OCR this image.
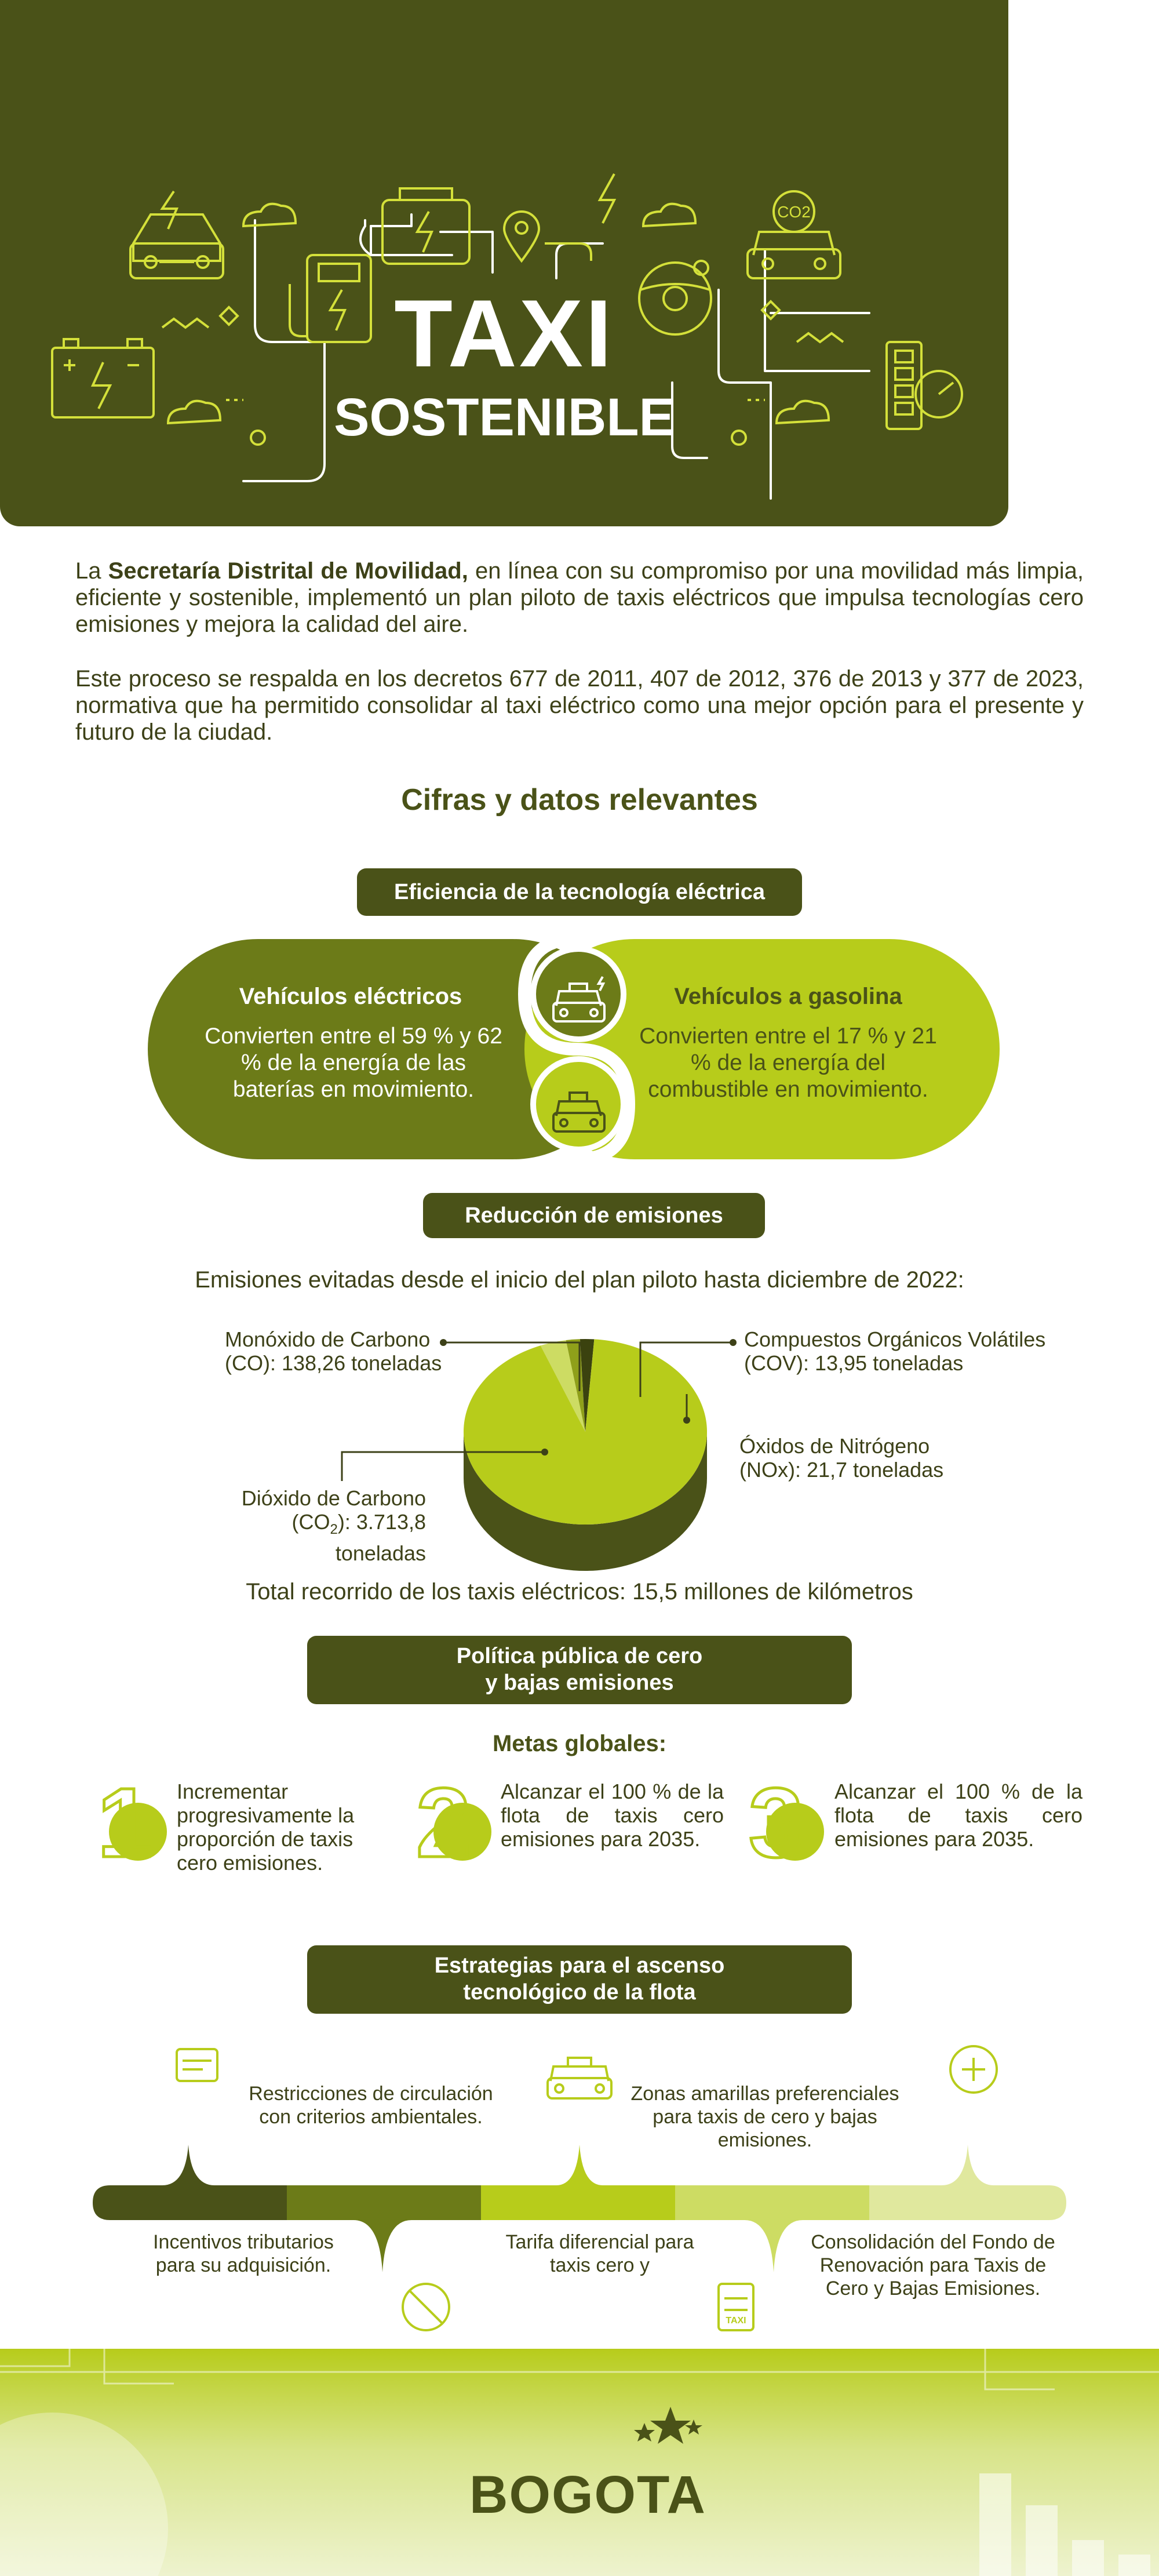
CO2
TAXI
SOSTENIBLE
La Secretaría Distrital de Movilidad, en línea con su compromiso por una movilidad más limpia, eficiente y sostenible, implementó un plan piloto de taxis eléctricos que impulsa tecnologías cero emisiones y mejora la calidad del aire.
Este proceso se respalda en los decretos 677 de 2011, 407 de 2012, 376 de 2013 y 377 de 2023, normativa que ha permitido consolidar al taxi eléctrico como una mejor opción para el presente y futuro de la ciudad.
Cifras y datos relevantes
Eficiencia de la tecnología eléctrica
Vehículos eléctricos
Convierten entre el 59 % y 62 % de la energía de las baterías en movimiento.
Vehículos a gasolina
Convierten entre el 17 % y 21 % de la energía del combustible en movimiento.
Reducción de emisiones
Emisiones evitadas desde el inicio del plan piloto hasta diciembre de 2022:
Monóxido de Carbono
(CO): 138,26 toneladas
Compuestos Orgánicos Volátiles
(COV): 13,95 toneladas
Óxidos de Nitrógeno
(NOx): 21,7 toneladas
Dióxido de Carbono
$(CO_2)$: 3.713,8 toneladas
Total recorrido de los taxis eléctricos: 15,5 millones de kilómetros
Política pública de cero
y bajas emisiones
Metas globales:
1 Incrementar progresivamente la proporción de taxis cero emisiones. 2 Alcanzar el 100 % de la flota de taxis cero emisiones para 2035. 3 Alcanzar el 100 % de la flota de taxis cero emisiones para 2035.
Estrategias para el ascenso
tecnológico de la flota
TAXI
Restricciones de circulación con criterios ambientales.
Zonas amarillas preferenciales para taxis de cero y bajas emisiones.
Incentivos tributarios para su adquisición.
Tarifa diferencial para taxis cero y
Consolidación del Fondo de Renovación para Taxis de Cero y Bajas Emisiones.
BOGOTA
